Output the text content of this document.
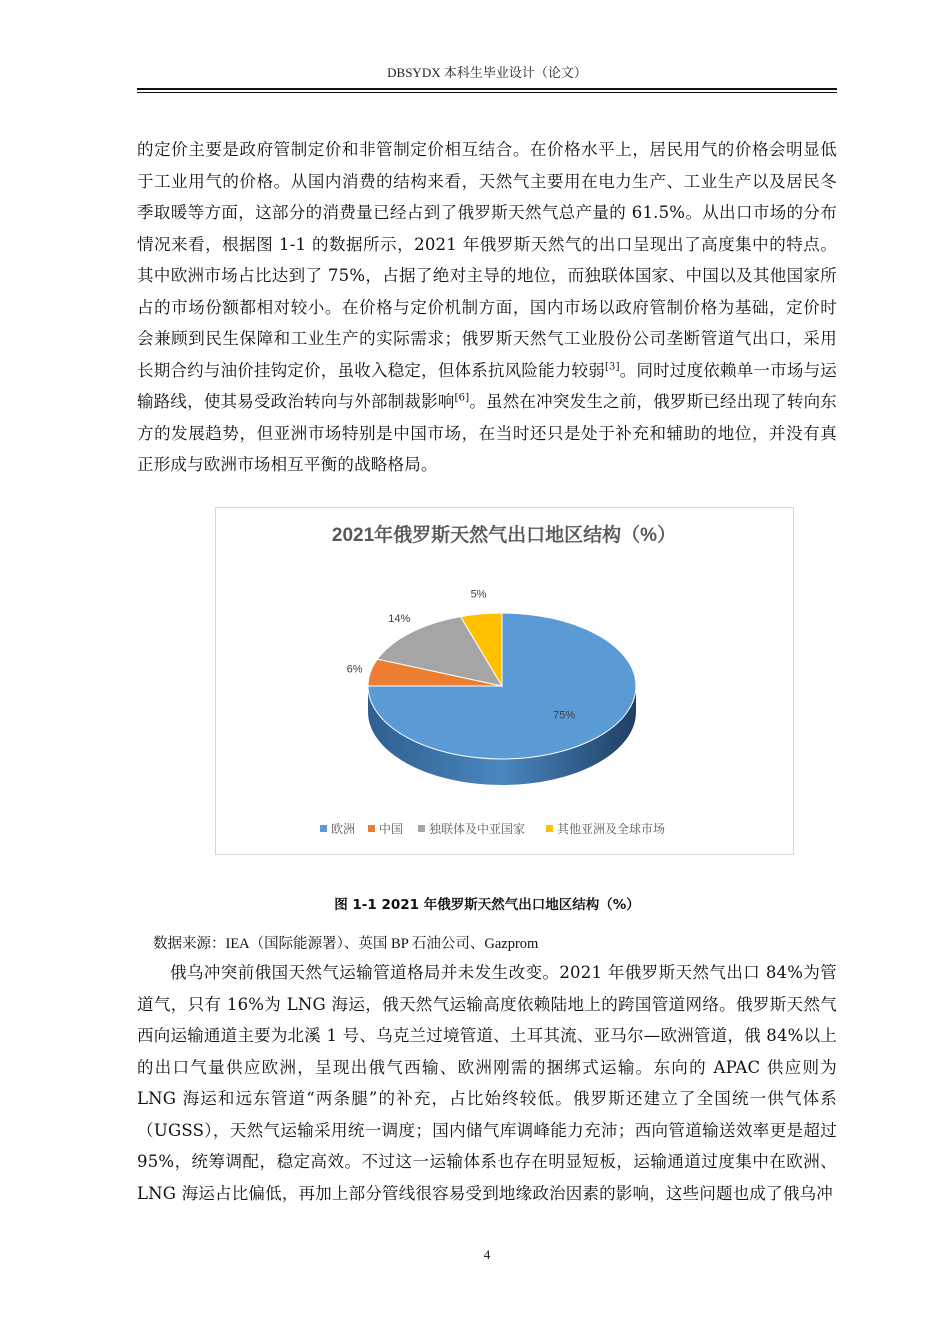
DBSYDX 本科生毕业设计（论文）

的定价主要是政府管制定价和非管制定价相互结合。在价格水平上，居民用气的价格会明显低于工业用气的价格。从国内消费的结构来看，天然气主要用在电力生产、工业生产以及居民冬季取暖等方面，这部分的消费量已经占到了俄罗斯天然气总产量的 61.5%。从出口市场的分布情况来看，根据图 1-1 的数据所示，2021 年俄罗斯天然气的出口呈现出了高度集中的特点。其中欧洲市场占比达到了 75%，占据了绝对主导的地位，而独联体国家、中国以及其他国家所占的市场份额都相对较小。在价格与定价机制方面，国内市场以政府管制价格为基础，定价时会兼顾到民生保障和工业生产的实际需求；俄罗斯天然气工业股份公司垄断管道气出口，采用长期合约与油价挂钩定价，虽收入稳定，但体系抗风险能力较弱[3]。同时过度依赖单一市场与运输路线，使其易受政治转向与外部制裁影响[6]。虽然在冲突发生之前，俄罗斯已经出现了转向东方的发展趋势，但亚洲市场特别是中国市场，在当时还只是处于补充和辅助的地位，并没有真正形成与欧洲市场相互平衡的战略格局。

2021年俄罗斯天然气出口地区结构（%）
75%
6%
14%
5%
欧洲 中国 独联体及中亚国家	其他亚洲及全球市场
图 1-1 2021 年俄罗斯天然气出口地区结构（%）
数据来源：IEA（国际能源署）、英国 BP 石油公司、Gazprom

俄乌冲突前俄国天然气运输管道格局并未发生改变。2021 年俄罗斯天然气出口 84%为管道气，只有 16%为 LNG 海运，俄天然气运输高度依赖陆地上的跨国管道网络。俄罗斯天然气西向运输通道主要为北溪 1 号、乌克兰过境管道、土耳其流、亚马尔—欧洲管道，俄 84%以上的出口气量供应欧洲，呈现出俄气西输、欧洲刚需的捆绑式运输。东向的 APAC 供应则为 LNG 海运和远东管道“两条腿”的补充，占比始终较低。俄罗斯还建立了全国统一供气体系（UGSS），天然气运输采用统一调度；国内储气库调峰能力充沛；西向管道输送效率更是超过 95%，统筹调配，稳定高效。不过这一运输体系也存在明显短板，运输通道过度集中在欧洲、LNG 海运占比偏低，再加上部分管线很容易受到地缘政治因素的影响，这些问题也成了俄乌冲

4
